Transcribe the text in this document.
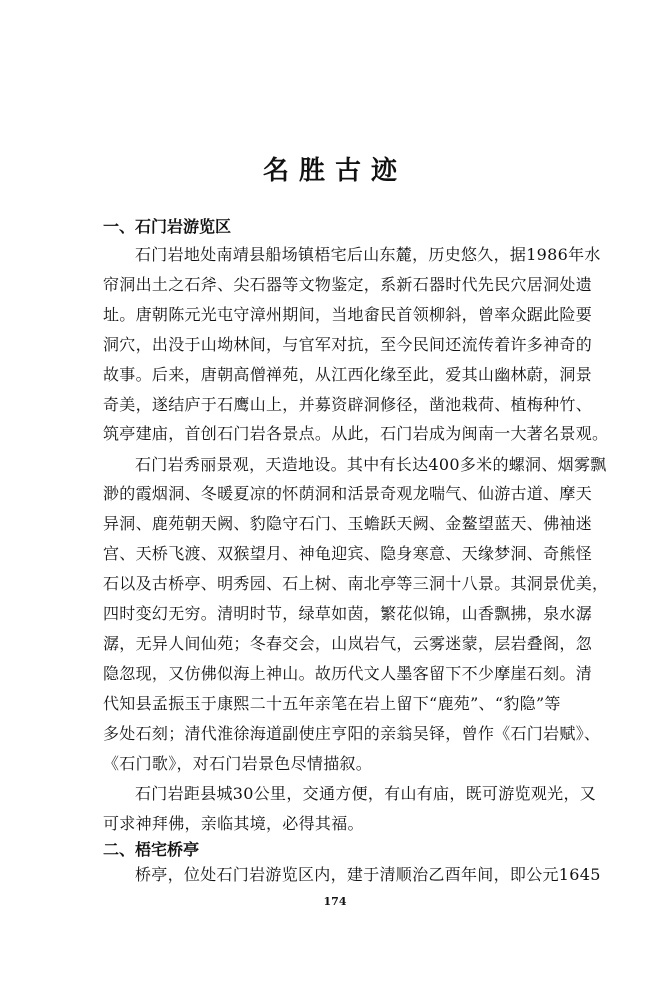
名胜古迹
一、石门岩游览区
石门岩地处南靖县船场镇梧宅后山东麓，历史悠久，据1986年水
帘洞出土之石斧、尖石器等文物鉴定，系新石器时代先民穴居洞处遗
址。唐朝陈元光屯守漳州期间，当地畲民首领柳斜，曾率众踞此险要
洞穴，出没于山坳林间，与官军对抗，至今民间还流传着许多神奇的
故事。后来，唐朝高僧禅苑，从江西化缘至此，爱其山幽林蔚，洞景
奇美，遂结庐于石鹰山上，并募资辟洞修径，凿池栽荷、植梅种竹、
筑亭建庙，首创石门岩各景点。从此，石门岩成为闽南一大著名景观。
石门岩秀丽景观，天造地设。其中有长达400多米的螺洞、烟雾飘
渺的霞烟洞、冬暖夏凉的怀荫洞和活景奇观龙喘气、仙游古道、摩天
异洞、鹿苑朝天阙、豹隐守石门、玉蟾跃天阙、金鳌望蓝天、佛袖迷
宫、天桥飞渡、双猴望月、神龟迎宾、隐身寒意、天缘梦洞、奇熊怪
石以及古桥亭、明秀园、石上树、南北亭等三洞十八景。其洞景优美，
四时变幻无穷。清明时节，绿草如茵，繁花似锦，山香飘拂，泉水潺
潺，无异人间仙苑；冬春交会，山岚岩气，云雾迷蒙，层岩叠阁，忽
隐忽现，又仿佛似海上神山。故历代文人墨客留下不少摩崖石刻。清
代知县孟振玉于康熙二十五年亲笔在岩上留下“鹿苑”、“豹隐”等
多处石刻；清代淮徐海道副使庄亨阳的亲翁吴铎，曾作《石门岩赋》、
《石门歌》，对石门岩景色尽情描叙。
石门岩距县城30公里，交通方便，有山有庙，既可游览观光，又
可求神拜佛，亲临其境，必得其福。
二、梧宅桥亭
桥亭，位处石门岩游览区内，建于清顺治乙酉年间，即公元1645
174
